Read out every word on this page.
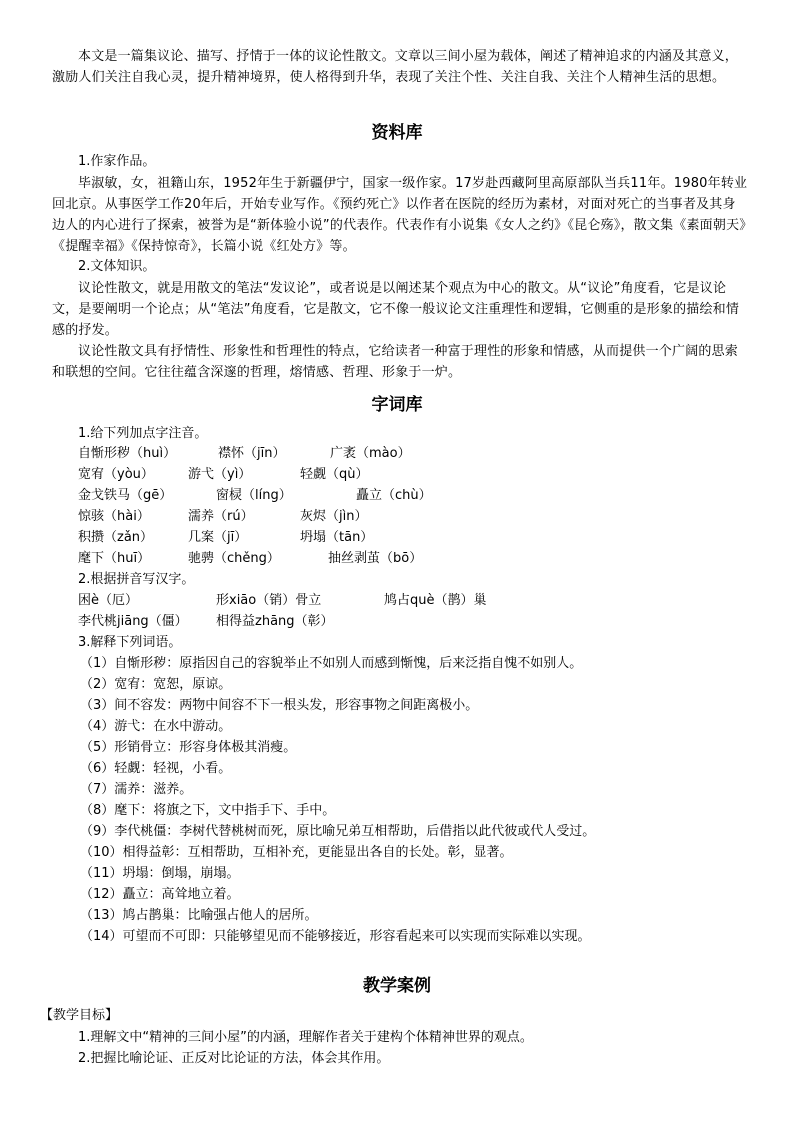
本文是一篇集议论、描写、抒情于一体的议论性散文。文章以三间小屋为载体，阐述了精神追求的内涵及其意义，激励人们关注自我心灵，提升精神境界，使人格得到升华，表现了关注个性、关注自我、关注个人精神生活的思想。

资料库

1.作家作品。

毕淑敏，女，祖籍山东，1952年生于新疆伊宁，国家一级作家。17岁赴西藏阿里高原部队当兵11年。1980年转业回北京。从事医学工作20年后，开始专业写作。《预约死亡》以作者在医院的经历为素材，对面对死亡的当事者及其身边人的内心进行了探索，被誉为是“新体验小说”的代表作。代表作有小说集《女人之约》《昆仑殇》，散文集《素面朝天》《提醒幸福》《保持惊奇》，长篇小说《红处方》等。

2.文体知识。

议论性散文，就是用散文的笔法“发议论”，或者说是以阐述某个观点为中心的散文。从“议论”角度看，它是议论文，是要阐明一个论点；从“笔法”角度看，它是散文，它不像一般议论文注重理性和逻辑，它侧重的是形象的描绘和情感的抒发。

议论性散文具有抒情性、形象性和哲理性的特点，它给读者一种富于理性的形象和情感，从而提供一个广阔的思索和联想的空间。它往往蕴含深邃的哲理，熔情感、哲理、形象于一炉。

字词库

1.给下列加点字注音。

自惭形秽（huì）	襟怀（jīn）	广袤（mào）
宽宥（yòu）	游弋（yì）	轻觑（qù）
金戈铁马（gē）	窗棂（líng）	矗立（chù）
惊骇（hài）	濡养（rú）	灰烬（jìn）
积攒（zǎn）	几案（jī）	坍塌（tān）
麾下（huī）	驰骋（chěng）	抽丝剥茧（bō）

2.根据拼音写汉字。

困è（厄）	形xiāo（销）骨立	鸠占què（鹊）巢
李代桃jiāng（僵） 相得益zhāng（彰）

3.解释下列词语。

（1）自惭形秽：原指因自己的容貌举止不如别人而感到惭愧，后来泛指自愧不如别人。

（2）宽宥：宽恕，原谅。

（3）间不容发：两物中间容不下一根头发，形容事物之间距离极小。

（4）游弋：在水中游动。

（5）形销骨立：形容身体极其消瘦。

（6）轻觑：轻视，小看。

（7）濡养：滋养。

（8）麾下：将旗之下，文中指手下、手中。

（9）李代桃僵：李树代替桃树而死，原比喻兄弟互相帮助，后借指以此代彼或代人受过。

（10）相得益彰：互相帮助，互相补充，更能显出各自的长处。彰，显著。

（11）坍塌：倒塌，崩塌。

（12）矗立：高耸地立着。

（13）鸠占鹊巢：比喻强占他人的居所。

（14）可望而不可即：只能够望见而不能够接近，形容看起来可以实现而实际难以实现。

教学案例

【教学目标】

1.理解文中“精神的三间小屋”的内涵，理解作者关于建构个体精神世界的观点。

2.把握比喻论证、正反对比论证的方法，体会其作用。
